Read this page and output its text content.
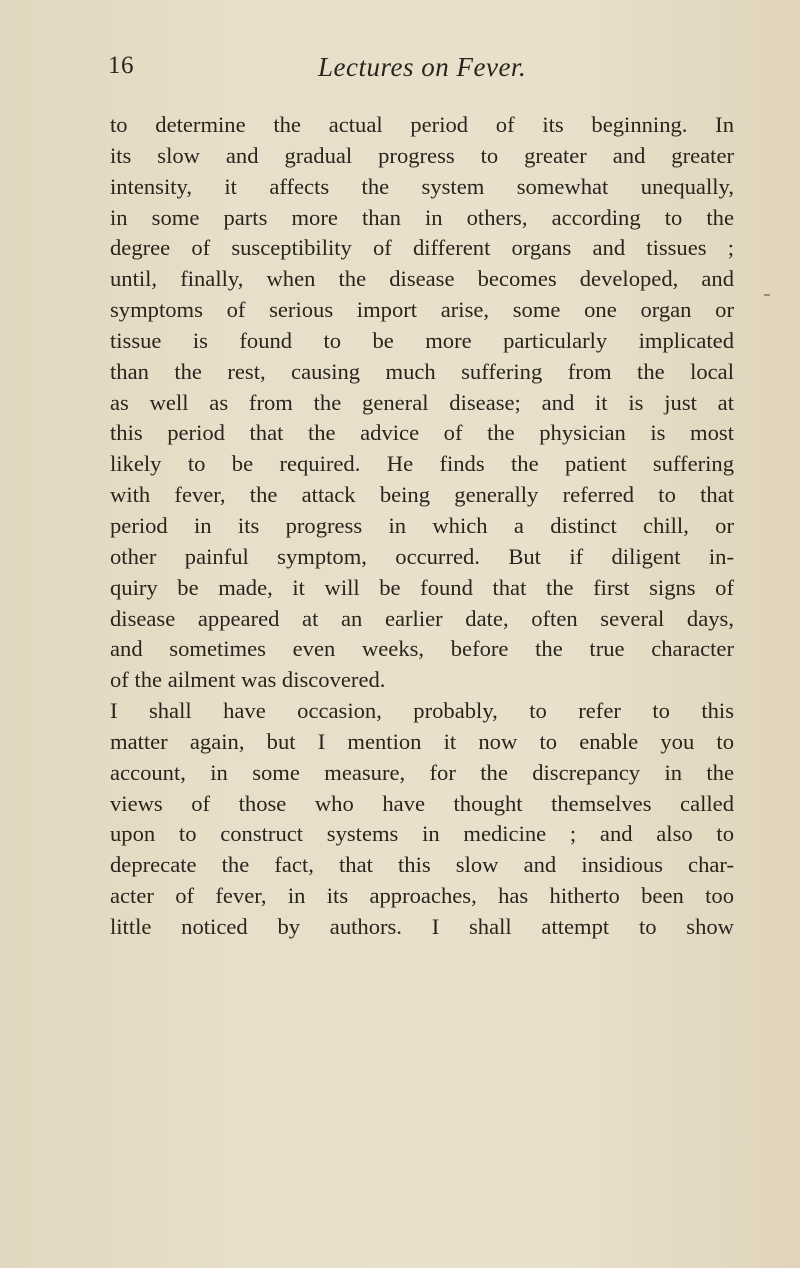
16	Lectures on Fever.
to determine the actual period of its beginning. In
its slow and gradual progress to greater and greater
intensity, it affects the system somewhat unequally,
in some parts more than in others, according to the
degree of susceptibility of different organs and tissues ;
until, finally, when the disease becomes developed, and
symptoms of serious import arise, some one organ or
tissue is found to be more particularly implicated
than the rest, causing much suffering from the local
as well as from the general disease; and it is just at
this period that the advice of the physician is most
likely to be required. He finds the patient suffering
with fever, the attack being generally referred to that
period in its progress in which a distinct chill, or
other painful symptom, occurred. But if diligent in-
quiry be made, it will be found that the first signs of
disease appeared at an earlier date, often several days,
and sometimes even weeks, before the true character
of the ailment was discovered.
I shall have occasion, probably, to refer to this
matter again, but I mention it now to enable you to
account, in some measure, for the discrepancy in the
views of those who have thought themselves called
upon to construct systems in medicine ; and also to
deprecate the fact, that this slow and insidious char-
acter of fever, in its approaches, has hitherto been too
little noticed by authors. I shall attempt to show
